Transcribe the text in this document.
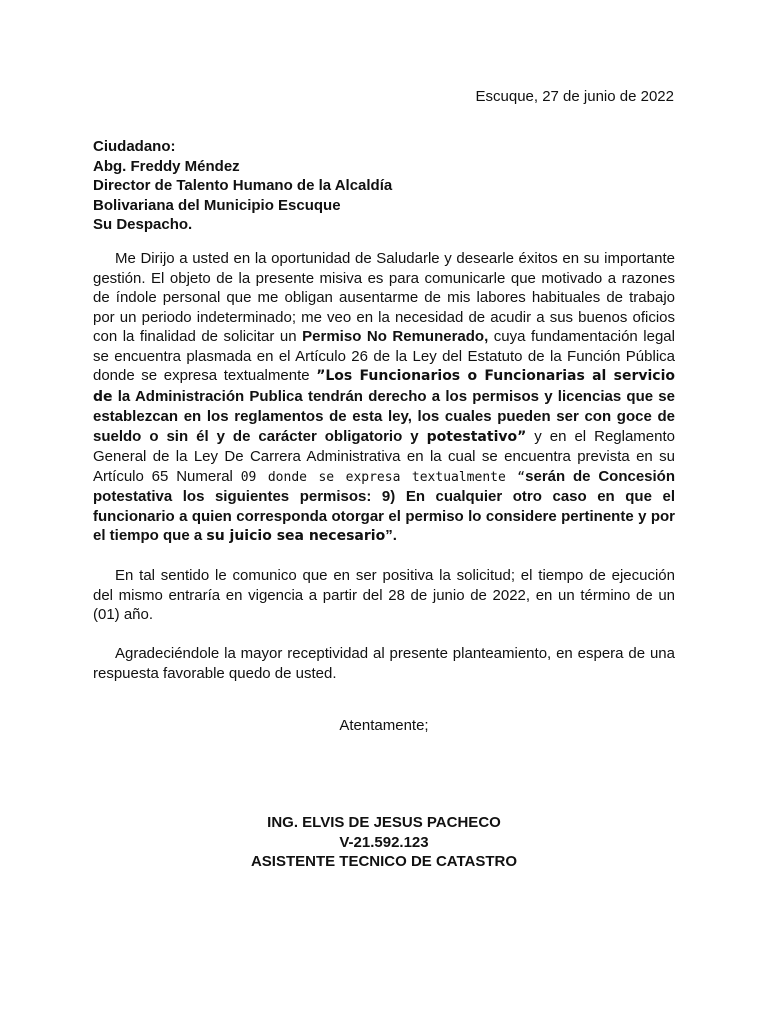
Escuque, 27 de junio de 2022
Ciudadano:
Abg. Freddy Méndez
Director de Talento Humano de la Alcaldía
Bolivariana del Municipio Escuque
Su Despacho.

Me Dirijo a usted en la oportunidad de Saludarle y desearle éxitos en su importante gestión. El objeto de la presente misiva es para comunicarle que motivado a razones de índole personal que me obligan ausentarme de mis labores habituales de trabajo por un periodo indeterminado; me veo en la necesidad de acudir a sus buenos oficios con la finalidad de solicitar un Permiso No Remunerado, cuya fundamentación legal se encuentra plasmada en el Artículo 26 de la Ley del Estatuto de la Función Pública donde se expresa textualmente ”Los Funcionarios o Funcionarias al servicio de la Administración Publica tendrán derecho a los permisos y licencias que se establezcan en los reglamentos de esta ley, los cuales pueden ser con goce de sueldo o sin él y de carácter obligatorio y potestativo” y en el Reglamento General de la Ley De Carrera Administrativa en la cual se encuentra prevista en su Artículo 65 Numeral 09 donde se expresa textualmente “serán de Concesión potestativa los siguientes permisos: 9) En cualquier otro caso en que el funcionario a quien corresponda otorgar el permiso lo considere pertinente y por el tiempo que a su juicio sea necesario”.

En tal sentido le comunico que en ser positiva la solicitud; el tiempo de ejecución del mismo entraría en vigencia a partir del 28 de junio de 2022, en un término de un (01) año.

Agradeciéndole la mayor receptividad al presente planteamiento, en espera de una respuesta favorable quedo de usted.

Atentamente;
ING. ELVIS DE JESUS PACHECO
V-21.592.123
ASISTENTE TECNICO DE CATASTRO
